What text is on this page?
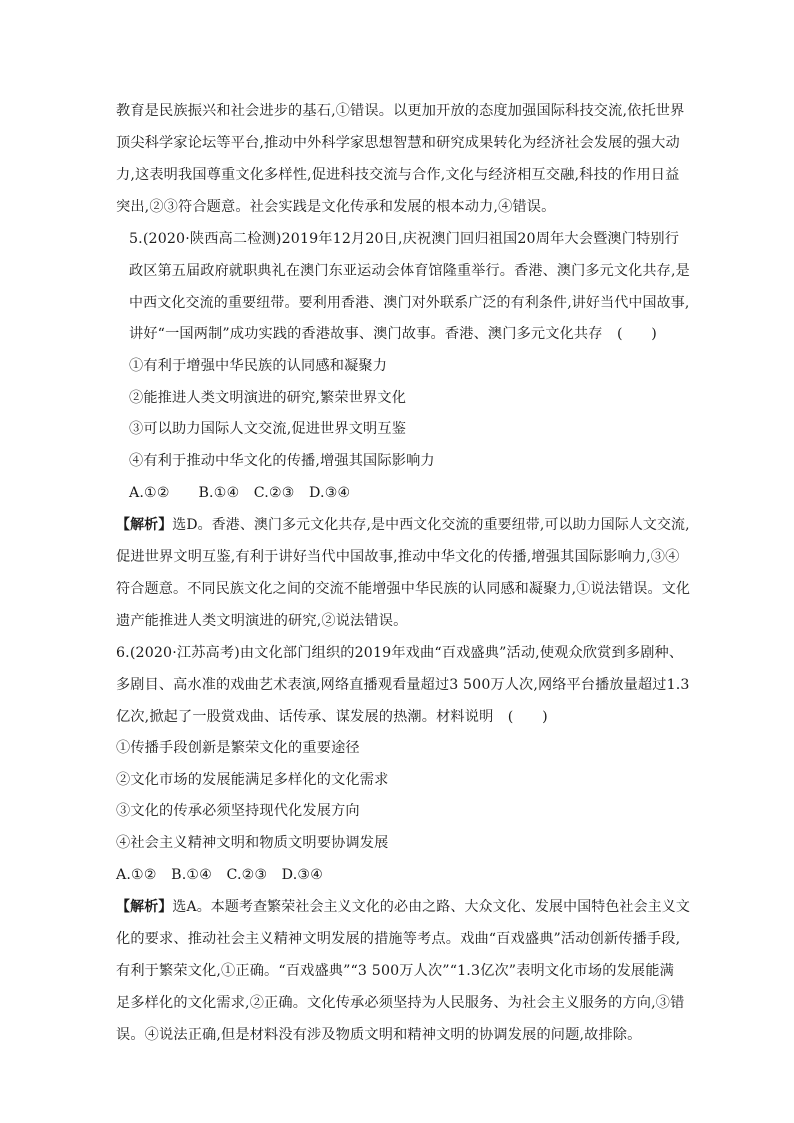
教育是民族振兴和社会进步的基石,①错误。以更加开放的态度加强国际科技交流,依托世界
顶尖科学家论坛等平台,推动中外科学家思想智慧和研究成果转化为经济社会发展的强大动
力,这表明我国尊重文化多样性,促进科技交流与合作,文化与经济相互交融,科技的作用日益
突出,②③符合题意。社会实践是文化传承和发展的根本动力,④错误。
5.(2020·陕西高二检测)2019年12月20日,庆祝澳门回归祖国20周年大会暨澳门特别行
政区第五届政府就职典礼在澳门东亚运动会体育馆隆重举行。香港、澳门多元文化共存,是
中西文化交流的重要纽带。要利用香港、澳门对外联系广泛的有利条件,讲好当代中国故事,
讲好“一国两制”成功实践的香港故事、澳门故事。香港、澳门多元文化共存　(　　)
①有利于增强中华民族的认同感和凝聚力
②能推进人类文明演进的研究,繁荣世界文化
③可以助力国际人文交流,促进世界文明互鉴
④有利于推动中华文化的传播,增强其国际影响力
A.①②　　B.①④　C.②③　D.③④
【解析】选D。香港、澳门多元文化共存,是中西文化交流的重要纽带,可以助力国际人文交流,
促进世界文明互鉴,有利于讲好当代中国故事,推动中华文化的传播,增强其国际影响力,③④
符合题意。不同民族文化之间的交流不能增强中华民族的认同感和凝聚力,①说法错误。文化
遗产能推进人类文明演进的研究,②说法错误。
6.(2020·江苏高考)由文化部门组织的2019年戏曲“百戏盛典”活动,使观众欣赏到多剧种、
多剧目、高水准的戏曲艺术表演,网络直播观看量超过3 500万人次,网络平台播放量超过1.3
亿次,掀起了一股赏戏曲、话传承、谋发展的热潮。材料说明　(　　)
①传播手段创新是繁荣文化的重要途径
②文化市场的发展能满足多样化的文化需求
③文化的传承必须坚持现代化发展方向
④社会主义精神文明和物质文明要协调发展
A.①②　B.①④　C.②③　D.③④
【解析】选A。本题考查繁荣社会主义文化的必由之路、大众文化、发展中国特色社会主义文
化的要求、推动社会主义精神文明发展的措施等考点。戏曲“百戏盛典”活动创新传播手段,
有利于繁荣文化,①正确。“百戏盛典”“3 500万人次”“1.3亿次”表明文化市场的发展能满
足多样化的文化需求,②正确。文化传承必须坚持为人民服务、为社会主义服务的方向,③错
误。④说法正确,但是材料没有涉及物质文明和精神文明的协调发展的问题,故排除。
